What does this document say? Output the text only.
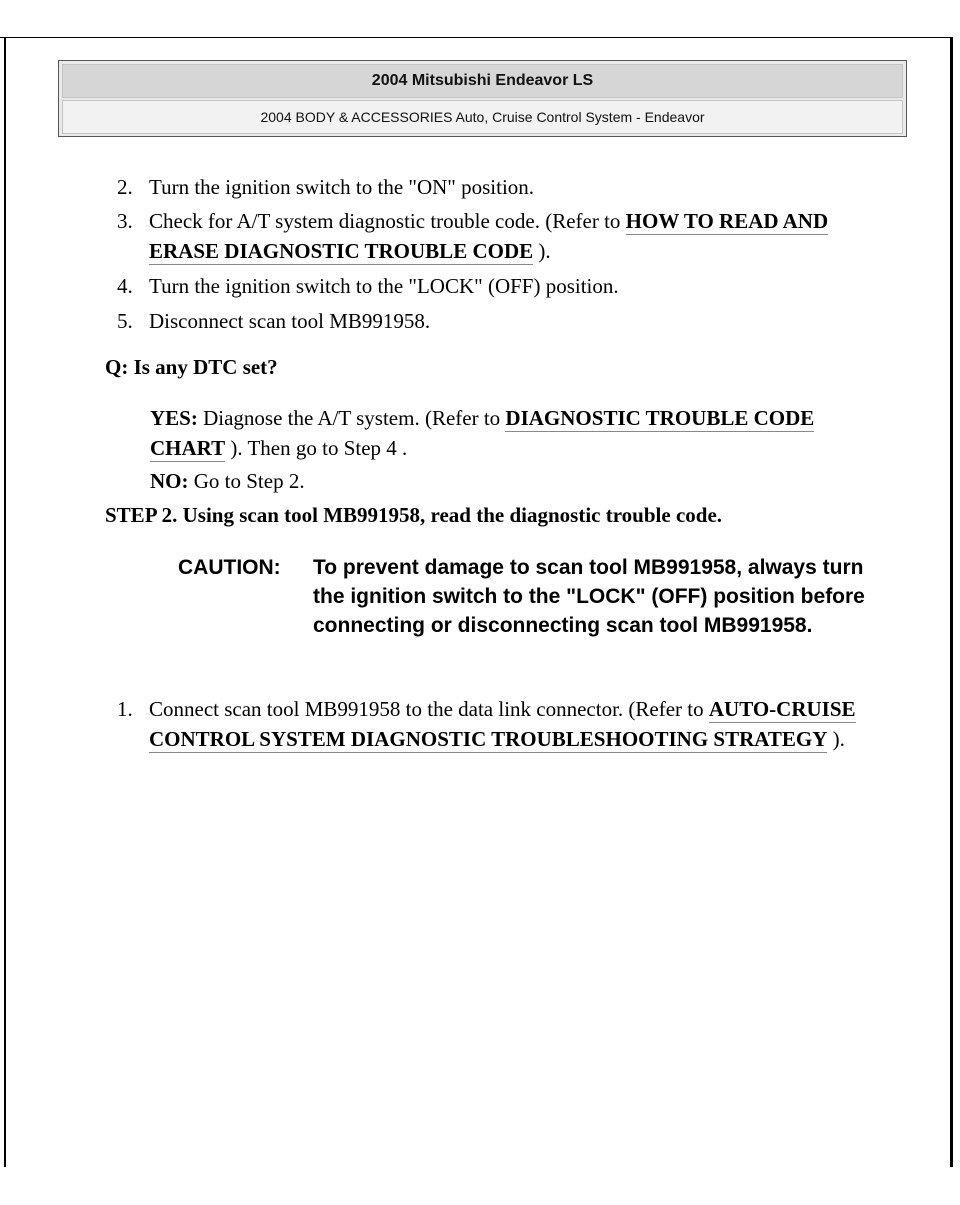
2004 Mitsubishi Endeavor LS
2004 BODY & ACCESSORIES Auto, Cruise Control System - Endeavor
2. Turn the ignition switch to the "ON" position.
3. Check for A/T system diagnostic trouble code. (Refer to HOW TO READ AND ERASE DIAGNOSTIC TROUBLE CODE ).
4. Turn the ignition switch to the "LOCK" (OFF) position.
5. Disconnect scan tool MB991958.
Q: Is any DTC set?
YES: Diagnose the A/T system. (Refer to DIAGNOSTIC TROUBLE CODE CHART ). Then go to Step 4 .
NO: Go to Step 2.
STEP 2. Using scan tool MB991958, read the diagnostic trouble code.
CAUTION: To prevent damage to scan tool MB991958, always turn the ignition switch to the "LOCK" (OFF) position before connecting or disconnecting scan tool MB991958.
1. Connect scan tool MB991958 to the data link connector. (Refer to AUTO-CRUISE CONTROL SYSTEM DIAGNOSTIC TROUBLESHOOTING STRATEGY ).
